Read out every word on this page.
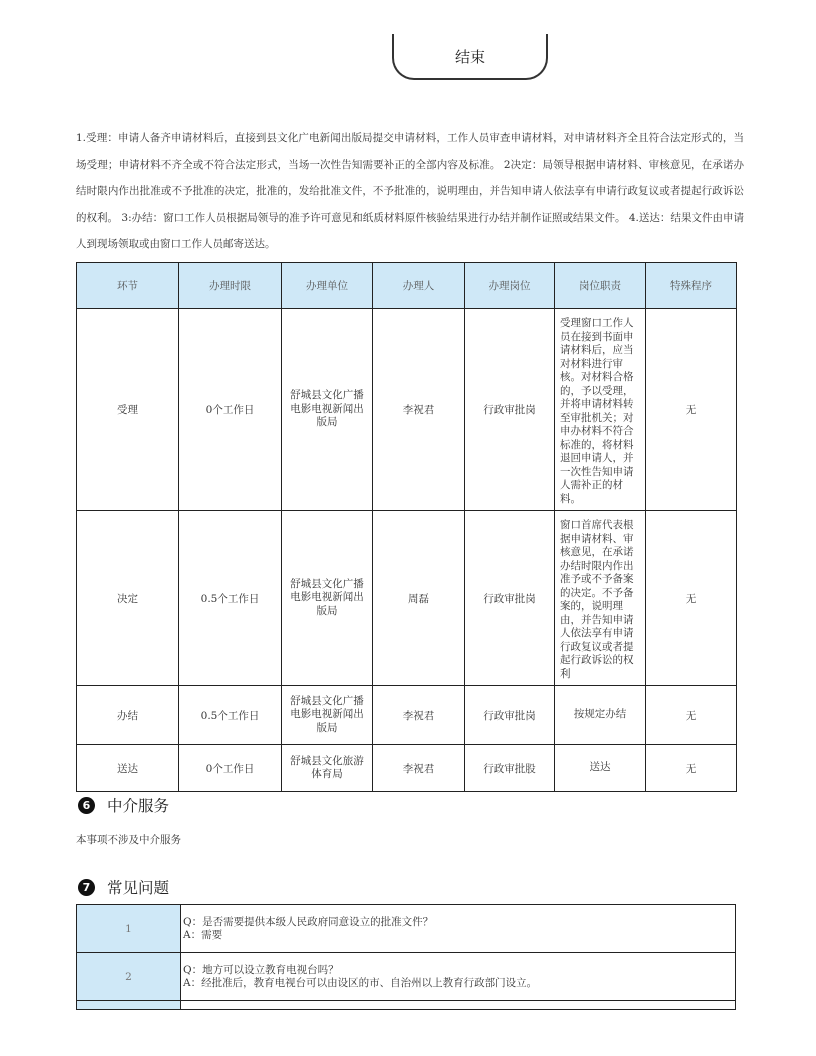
结束
1.受理：申请人备齐申请材料后，直接到县文化广电新闻出版局提交申请材料，工作人员审查申请材料，对申请材料齐全且符合法定形式的，当场受理；申请材料不齐全或不符合法定形式，当场一次性告知需要补正的全部内容及标准。 2决定：局领导根据申请材料、审核意见，在承诺办结时限内作出批准或不予批准的决定，批准的，发给批准文件，不予批准的，说明理由，并告知申请人依法享有申请行政复议或者提起行政诉讼的权利。 3:办结：窗口工作人员根据局领导的准予许可意见和纸质材料原件核验结果进行办结并制作证照或结果文件。 4.送达：结果文件由申请人到现场领取或由窗口工作人员邮寄送达。
环节	办理时限	办理单位	办理人	办理岗位	岗位职责	特殊程序
受理	0个工作日	舒城县文化广播电影电视新闻出版局	李祝君	行政审批岗	受理窗口工作人员在接到书面申请材料后，应当对材料进行审核。对材料合格的，予以受理，并将申请材料转至审批机关；对申办材料不符合标准的，将材料退回申请人，并一次性告知申请人需补正的材料。	无
决定	0.5个工作日	舒城县文化广播电影电视新闻出版局	周磊	行政审批岗	窗口首席代表根据申请材料、审核意见，在承诺办结时限内作出准予或不予备案的决定。不予备案的，说明理由，并告知申请人依法享有申请行政复议或者提起行政诉讼的权利	无
办结	0.5个工作日	舒城县文化广播电影电视新闻出版局	李祝君	行政审批岗	按规定办结	无
送达	0个工作日	舒城县文化旅游体育局	李祝君	行政审批股	送达	无
6	中介服务
本事项不涉及中介服务
7	常见问题
1	Q：是否需要提供本级人民政府同意设立的批准文件？
A：需要

2	Q：地方可以设立教育电视台吗？
A：经批准后，教育电视台可以由设区的市、自治州以上教育行政部门设立。
